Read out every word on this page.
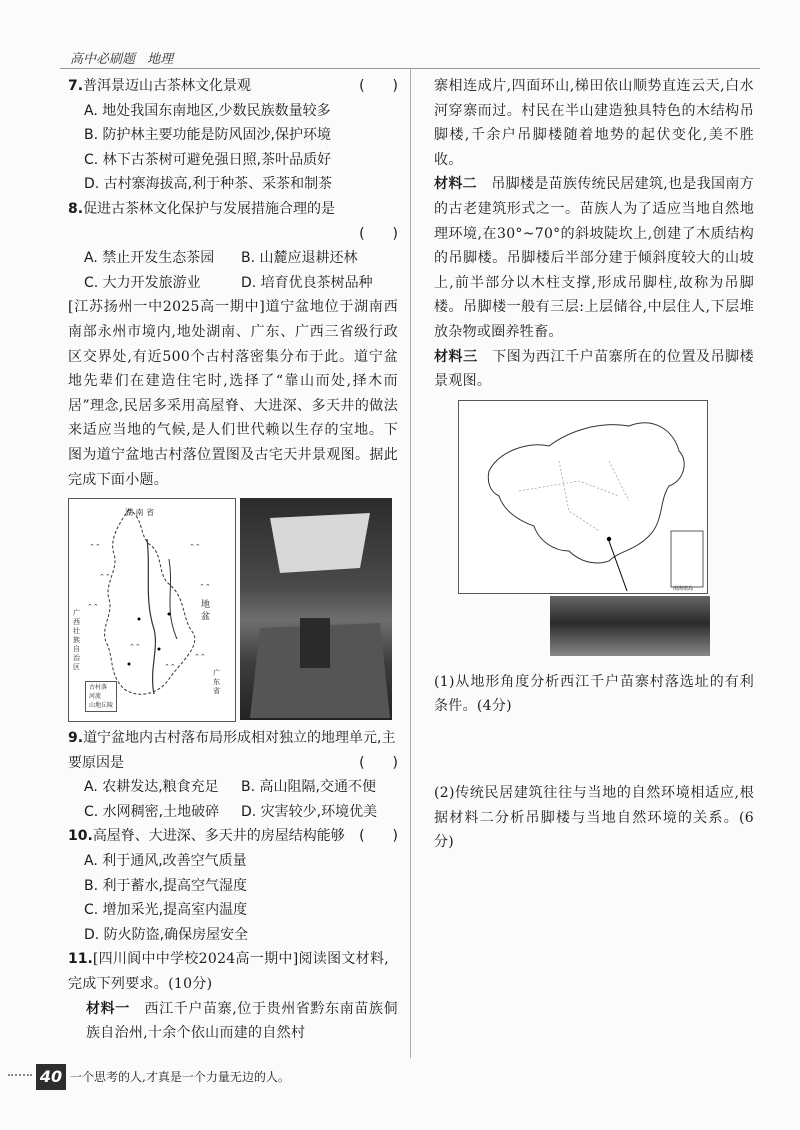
高中必刷题 地理

7.普洱景迈山古茶林文化景观	(　　)

A. 地处我国东南地区,少数民族数量较多
B. 防护林主要功能是防风固沙,保护环境
C. 林下古茶树可避免强日照,茶叶品质好
D. 古村寨海拔高,利于种茶、采茶和制茶

8.促进古茶林文化保护与发展措施合理的是

(　　)

A. 禁止开发生态茶园	B. 山麓应退耕还林
C. 大力开发旅游业	D. 培育优良茶树品种

[江苏扬州一中2025高一期中]道宁盆地位于湖南西南部永州市境内,地处湖南、广东、广西三省级行政区交界处,有近500个古村落密集分布于此。道宁盆地先辈们在建造住宅时,选择了“靠山而处,择木而居”理念,民居多采用高屋脊、大进深、多天井的做法来适应当地的气候,是人们世代赖以生存的宝地。下图为道宁盆地古村落位置图及古宅天井景观图。据此完成下面小题。

⌃⌃
⌃⌃
⌃⌃
⌃⌃
⌃⌃
⌃⌃
⌃⌃
⌃⌃
湖 南 省
广西壮族自治区
广东省
地 盆
古村落
河流
山地丘陵

9.道宁盆地内古村落布局形成相对独立的地理单元,主要原因是	(　　)

A. 农耕发达,粮食充足	B. 高山阻隔,交通不便
C. 水网稠密,土地破碎	D. 灾害较少,环境优美

10.高屋脊、大进深、多天井的房屋结构能够 (　　)

A. 利于通风,改善空气质量
B. 利于蓄水,提高空气湿度
C. 增加采光,提高室内温度
D. 防火防盗,确保房屋安全

11.[四川阆中中学校2024高一期中]阅读图文材料,完成下列要求。(10分)

材料一　 西江千户苗寨,位于贵州省黔东南苗族侗族自治州,十余个依山而建的自然村

寨相连成片,四面环山,梯田依山顺势直连云天,白水河穿寨而过。村民在半山建造独具特色的木结构吊脚楼,千余户吊脚楼随着地势的起伏变化,美不胜收。

材料二　 吊脚楼是苗族传统民居建筑,也是我国南方的古老建筑形式之一。苗族人为了适应当地自然地理环境,在30°~70°的斜坡陡坎上,创建了木质结构的吊脚楼。吊脚楼后半部分建于倾斜度较大的山坡上,前半部分以木柱支撑,形成吊脚柱,故称为吊脚楼。吊脚楼一般有三层:上层储谷,中层住人,下层堆放杂物或圈养牲畜。

材料三　 下图为西江千户苗寨所在的位置及吊脚楼景观图。

南海诸岛

(1)从地形角度分析西江千户苗寨村落选址的有利条件。(4分)

(2)传统民居建筑往往与当地的自然环境相适应,根据材料二分析吊脚楼与当地自然环境的关系。(6分)

40 一个思考的人,才真是一个力量无边的人。
